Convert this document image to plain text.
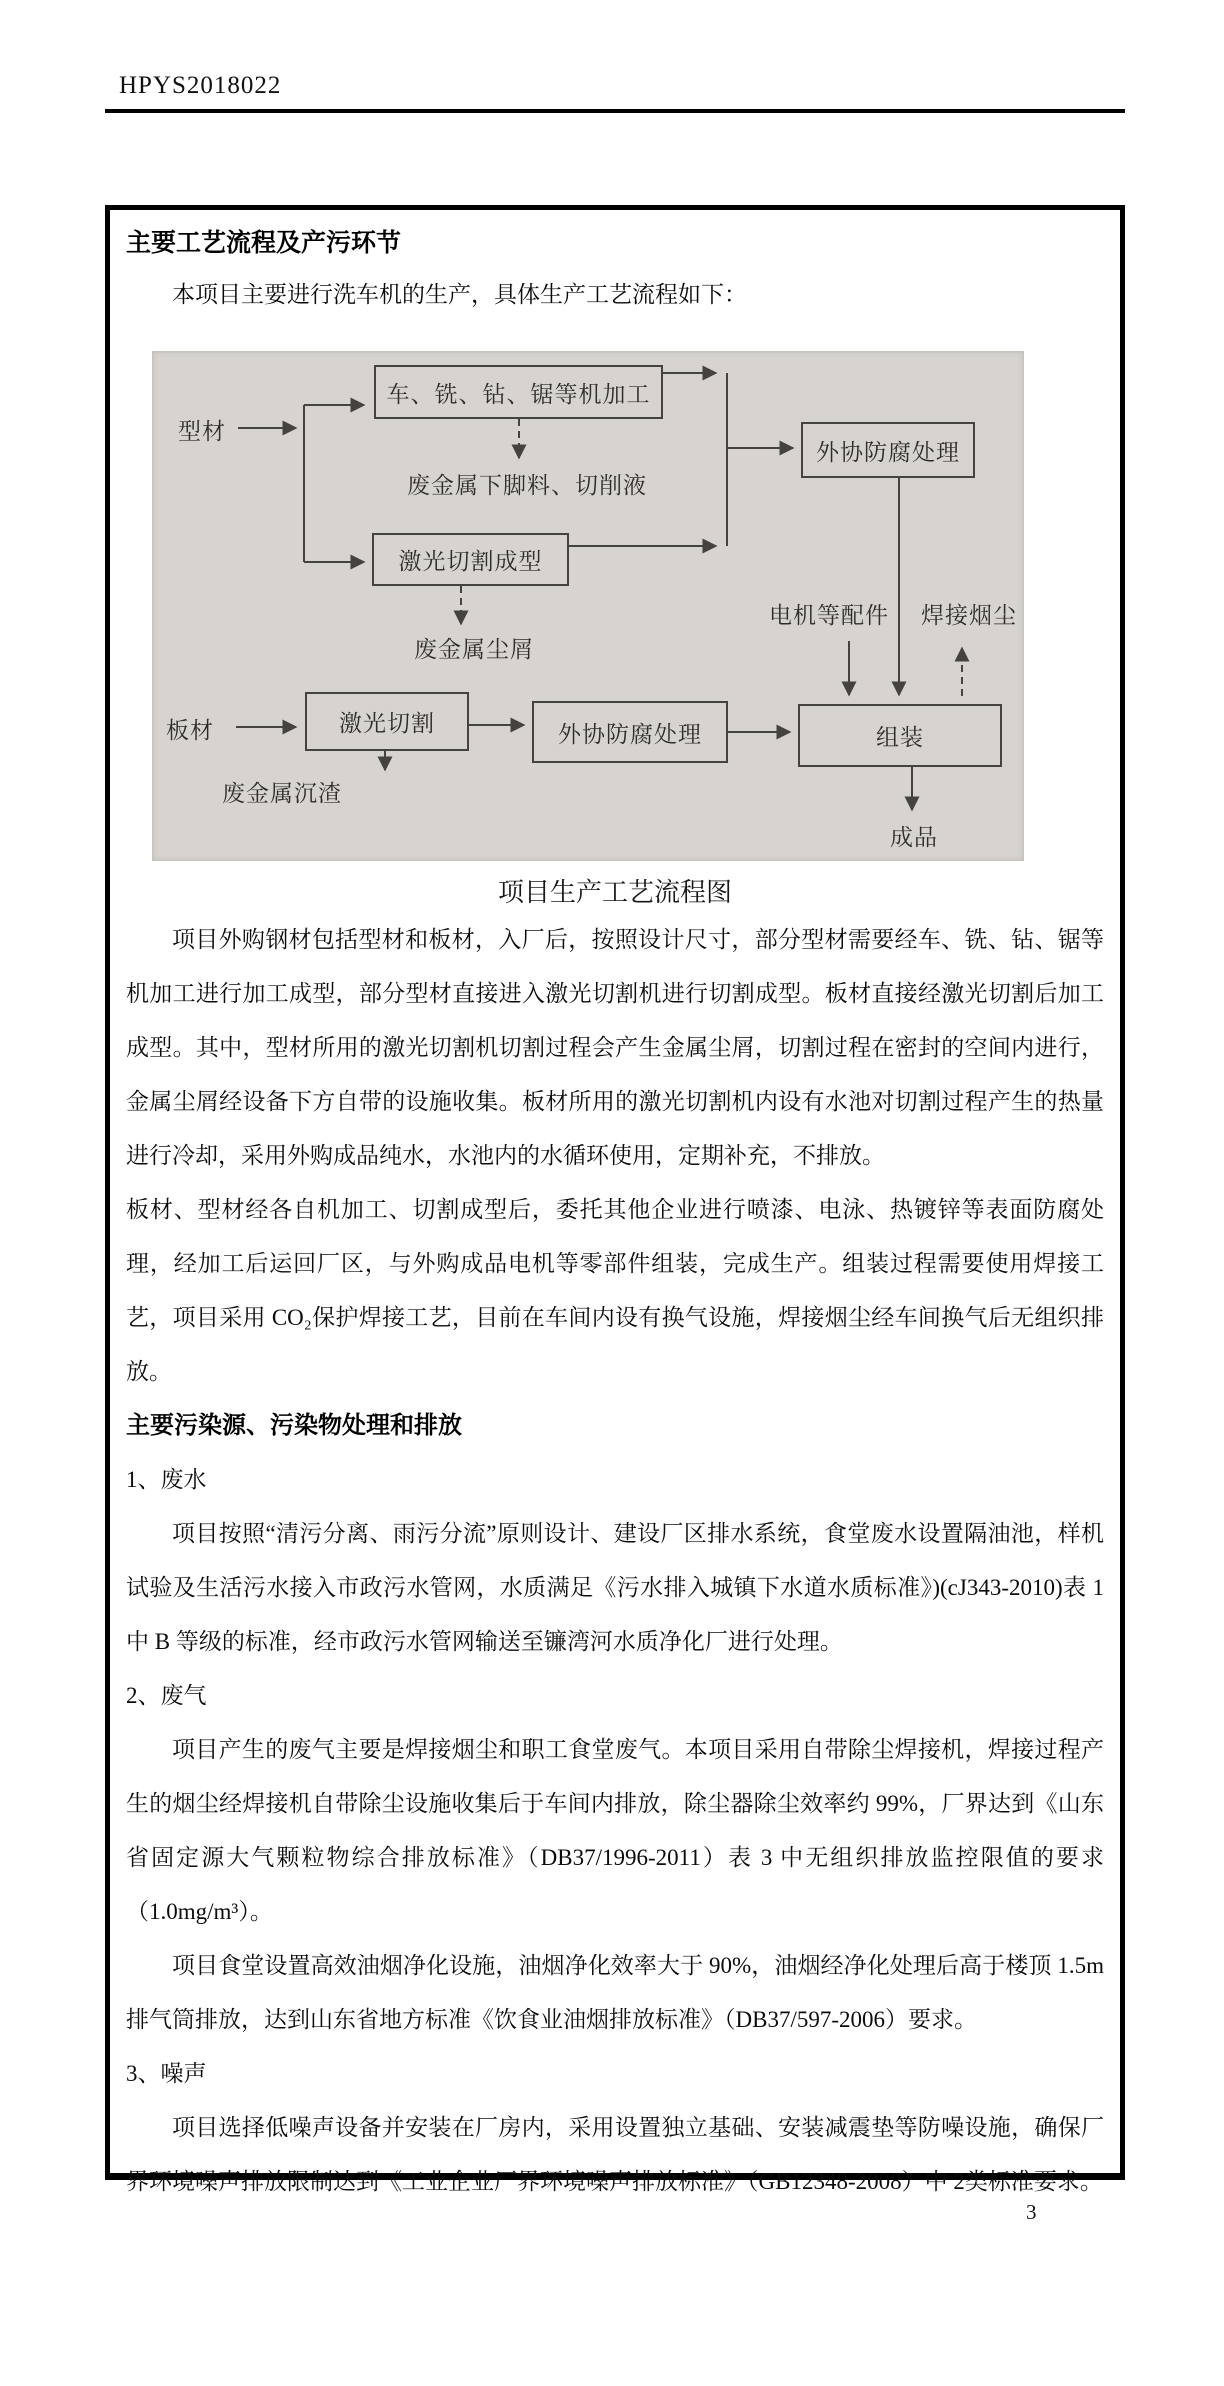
HPYS2018022
主要工艺流程及产污环节

本项目主要进行洗车机的生产，具体生产工艺流程如下：

型材
板材
车、铣、钻、锯等机加工
废金属下脚料、切削液
激光切割成型
废金属尘屑
外协防腐处理
激光切割
废金属沉渣
外协防腐处理
电机等配件	焊接烟尘
组装
成品
项目生产工艺流程图

项目外购钢材包括型材和板材，入厂后，按照设计尺寸，部分型材需要经车、铣、钻、锯等机加工进行加工成型，部分型材直接进入激光切割机进行切割成型。板材直接经激光切割后加工成型。其中，型材所用的激光切割机切割过程会产生金属尘屑，切割过程在密封的空间内进行，金属尘屑经设备下方自带的设施收集。板材所用的激光切割机内设有水池对切割过程产生的热量进行冷却，采用外购成品纯水，水池内的水循环使用，定期补充，不排放。

板材、型材经各自机加工、切割成型后，委托其他企业进行喷漆、电泳、热镀锌等表面防腐处理，经加工后运回厂区，与外购成品电机等零部件组装，完成生产。组装过程需要使用焊接工艺，项目采用 CO₂保护焊接工艺，目前在车间内设有换气设施，焊接烟尘经车间换气后无组织排放。

主要污染源、污染物处理和排放

1、废水

项目按照“清污分离、雨污分流”原则设计、建设厂区排水系统，食堂废水设置隔油池，样机试验及生活污水接入市政污水管网，水质满足《污水排入城镇下水道水质标准》)(cJ343-2010)表 1 中 B 等级的标准，经市政污水管网输送至镰湾河水质净化厂进行处理。

2、废气

项目产生的废气主要是焊接烟尘和职工食堂废气。本项目采用自带除尘焊接机，焊接过程产生的烟尘经焊接机自带除尘设施收集后于车间内排放，除尘器除尘效率约 99%，厂界达到《山东省固定源大气颗粒物综合排放标准》（DB37/1996-2011）表 3 中无组织排放监控限值的要求（1.0mg/m³）。

项目食堂设置高效油烟净化设施，油烟净化效率大于 90%，油烟经净化处理后高于楼顶 1.5m排气筒排放，达到山东省地方标准《饮食业油烟排放标准》（DB37/597-2006）要求。

3、噪声

项目选择低噪声设备并安装在厂房内，采用设置独立基础、安装减震垫等防噪设施，确保厂界环境噪声排放限制达到《工业企业厂界环境噪声排放标准》（GB12348-2008）中 2类标准要求。

3
